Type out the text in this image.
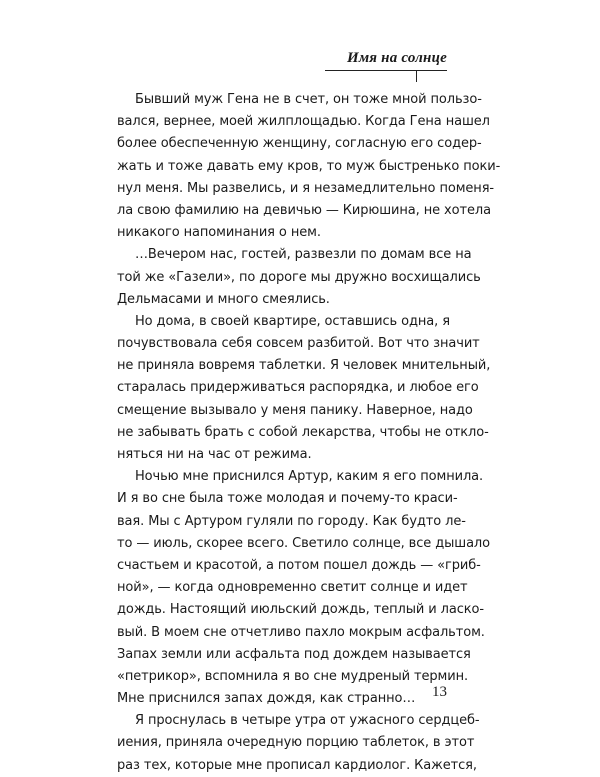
Имя на солнце
Бывший муж Гена не в счет, он тоже мной пользо-
вался, вернее, моей жилплощадью. Когда Гена нашел
более обеспеченную женщину, согласную его содер-
жать и тоже давать ему кров, то муж быстренько поки-
нул меня. Мы развелись, и я незамедлительно поменя-
ла свою фамилию на девичью — Кирюшина, не хотела
никакого напоминания о нем.
…Вечером нас, гостей, развезли по домам все на
той же «Газели», по дороге мы дружно восхищались
Дельмасами и много смеялись.
Но дома, в своей квартире, оставшись одна, я
почувствовала себя совсем разбитой. Вот что значит
не приняла вовремя таблетки. Я человек мнительный,
старалась придерживаться распорядка, и любое его
смещение вызывало у меня панику. Наверное, надо
не забывать брать с собой лекарства, чтобы не откло-
няться ни на час от режима.
Ночью мне приснился Артур, каким я его помнила.
И я во сне была тоже молодая и почему-то краси-
вая. Мы с Артуром гуляли по городу. Как будто ле-
то — июль, скорее всего. Светило солнце, все дышало
счастьем и красотой, а потом пошел дождь — «гриб-
ной», — когда одновременно светит солнце и идет
дождь. Настоящий июльский дождь, теплый и ласко-
вый. В моем сне отчетливо пахло мокрым асфальтом.
Запах земли или асфальта под дождем называется
«петрикор», вспомнила я во сне мудреный термин.
Мне приснился запах дождя, как странно…
Я проснулась в четыре утра от ужасного сердцеб-
иения, приняла очередную порцию таблеток, в этот
раз тех, которые мне прописал кардиолог. Кажется,
13
